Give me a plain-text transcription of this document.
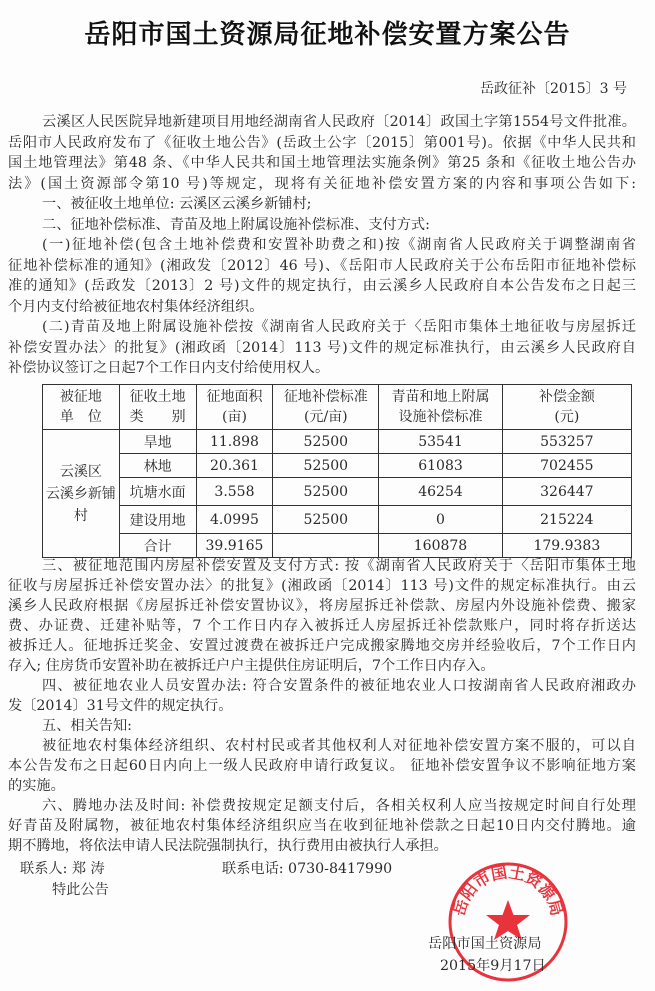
岳阳市国土资源局征地补偿安置方案公告
岳政征补〔2015〕3 号
云溪区人民医院异地新建项目用地经湖南省人民政府〔2014〕政国土字第1554号文件批准。
岳阳市人民政府发布了《征收土地公告》(岳政土公字〔2015〕第001号)。依据《中华人民共和
国土地管理法》第48 条、《中华人民共和国土地管理法实施条例》第25 条和《征收土地公告办
法》(国土资源部令第10 号)等规定，现将有关征地补偿安置方案的内容和事项公告如下:
一、被征收土地单位: 云溪区云溪乡新铺村;
二、征地补偿标准、青苗及地上附属设施补偿标准、支付方式:
(一)征地补偿(包含土地补偿费和安置补助费之和)按《湖南省人民政府关于调整湖南省
征地补偿标准的通知》(湘政发〔2012〕46 号)、《岳阳市人民政府关于公布岳阳市征地补偿标
准的通知》(岳政发〔2013〕2 号)文件的规定执行，由云溪乡人民政府自本公告发布之日起三
个月内支付给被征地农村集体经济组织。
(二)青苗及地上附属设施补偿按《湖南省人民政府关于〈岳阳市集体土地征收与房屋拆迁
补偿安置办法〉的批复》(湘政函〔2014〕113 号)文件的规定标准执行，由云溪乡人民政府自
补偿协议签订之日起7个工作日内支付给使用权人。
被征地
单　位	征收土地
类　　别	征地面积
(亩)	征地补偿标准
(元/亩)	青苗和地上附属
设施补偿标准	补偿金额
(元)
云溪区
云溪乡新铺
村	旱地	11.898	52500	53541	553257
	林地	20.361	52500	61083	702455
	坑塘水面	3.558	52500	46254	326447
	建设用地	4.0995	52500	0	215224
	合计	39.9165		160878	179.9383
三、被征地范围内房屋补偿安置及支付方式: 按《湖南省人民政府关于〈岳阳市集体土地
征收与房屋拆迁补偿安置办法〉的批复》(湘政函〔2014〕113 号)文件的规定标准执行。由云
溪乡人民政府根据《房屋拆迁补偿安置协议》，将房屋拆迁补偿款、房屋内外设施补偿费、搬家
费、办证费、迁建补贴等，7 个工作日内存入被拆迁人房屋拆迁补偿款账户，同时将存折送达
被拆迁人。征地拆迁奖金、安置过渡费在被拆迁户完成搬家腾地交房并经验收后，7个工作日内
存入; 住房货币安置补助在被拆迁户户主提供住房证明后，7个工作日内存入。
四、被征地农业人员安置办法: 符合安置条件的被征地农业人口按湖南省人民政府湘政办
发〔2014〕31号文件的规定执行。
五、相关告知:
被征地农村集体经济组织、农村村民或者其他权利人对征地补偿安置方案不服的，可以自
本公告发布之日起60日内向上一级人民政府申请行政复议。 征地补偿安置争议不影响征地方案
的实施。
六、腾地办法及时间: 补偿费按规定足额支付后，各相关权利人应当按规定时间自行处理
好青苗及附属物，被征地农村集体经济组织应当在收到征地补偿款之日起10日内交付腾地。逾
期不腾地，将依法申请人民法院强制执行，执行费用由被执行人承担。
联系人: 郑 涛	联系电话: 0730-8417990
特此公告
岳阳市国土资源局
岳阳市国土资源局
2015年9月17日
